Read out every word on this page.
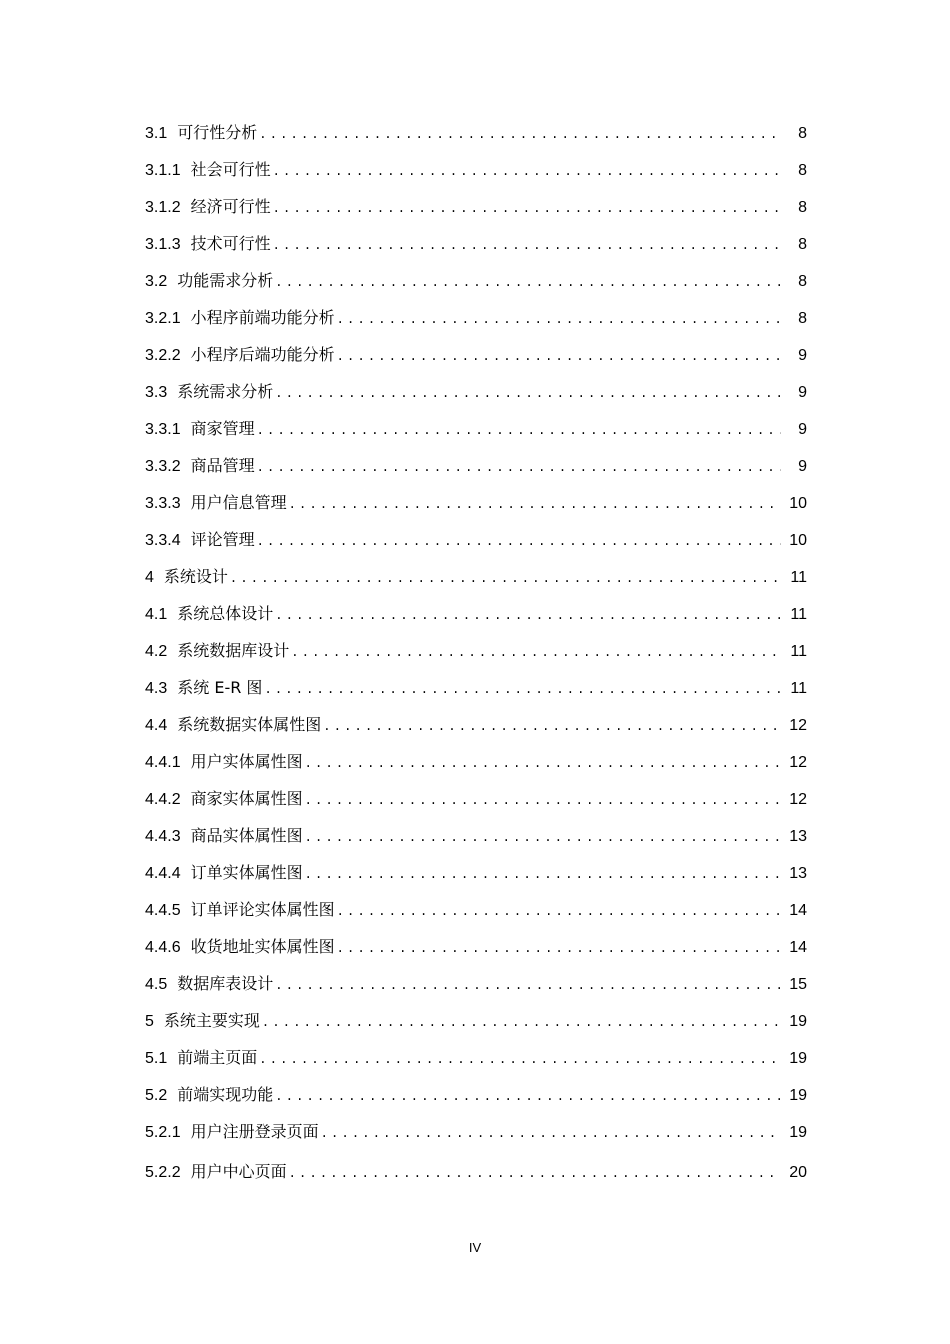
3.1 可行性分析 .....	8
3.1.1 社会可行性 .....	8
3.1.2 经济可行性 .....	8
3.1.3 技术可行性 .....	8
3.2 功能需求分析 .....	8
3.2.1 小程序前端功能分析 .....	8
3.2.2 小程序后端功能分析 .....	9
3.3 系统需求分析 .....	9
3.3.1 商家管理 .....	9
3.3.2 商品管理 .....	9
3.3.3 用户信息管理 .....	10
3.3.4 评论管理 .....	10
4 系统设计 .....	11
4.1 系统总体设计 .....	11
4.2 系统数据库设计 .....	11
4.3 系统 E-R 图 .....	11
4.4 系统数据实体属性图 .....	12
4.4.1 用户实体属性图 .....	12
4.4.2 商家实体属性图 .....	12
4.4.3 商品实体属性图 .....	13
4.4.4 订单实体属性图 .....	13
4.4.5 订单评论实体属性图 .....	14
4.4.6 收货地址实体属性图 .....	14
4.5 数据库表设计 .....	15
5 系统主要实现 .....	19
5.1 前端主页面 .....	19
5.2 前端实现功能 .....	19
5.2.1 用户注册登录页面 .....	19
5.2.2 用户中心页面 .....	20
IV
